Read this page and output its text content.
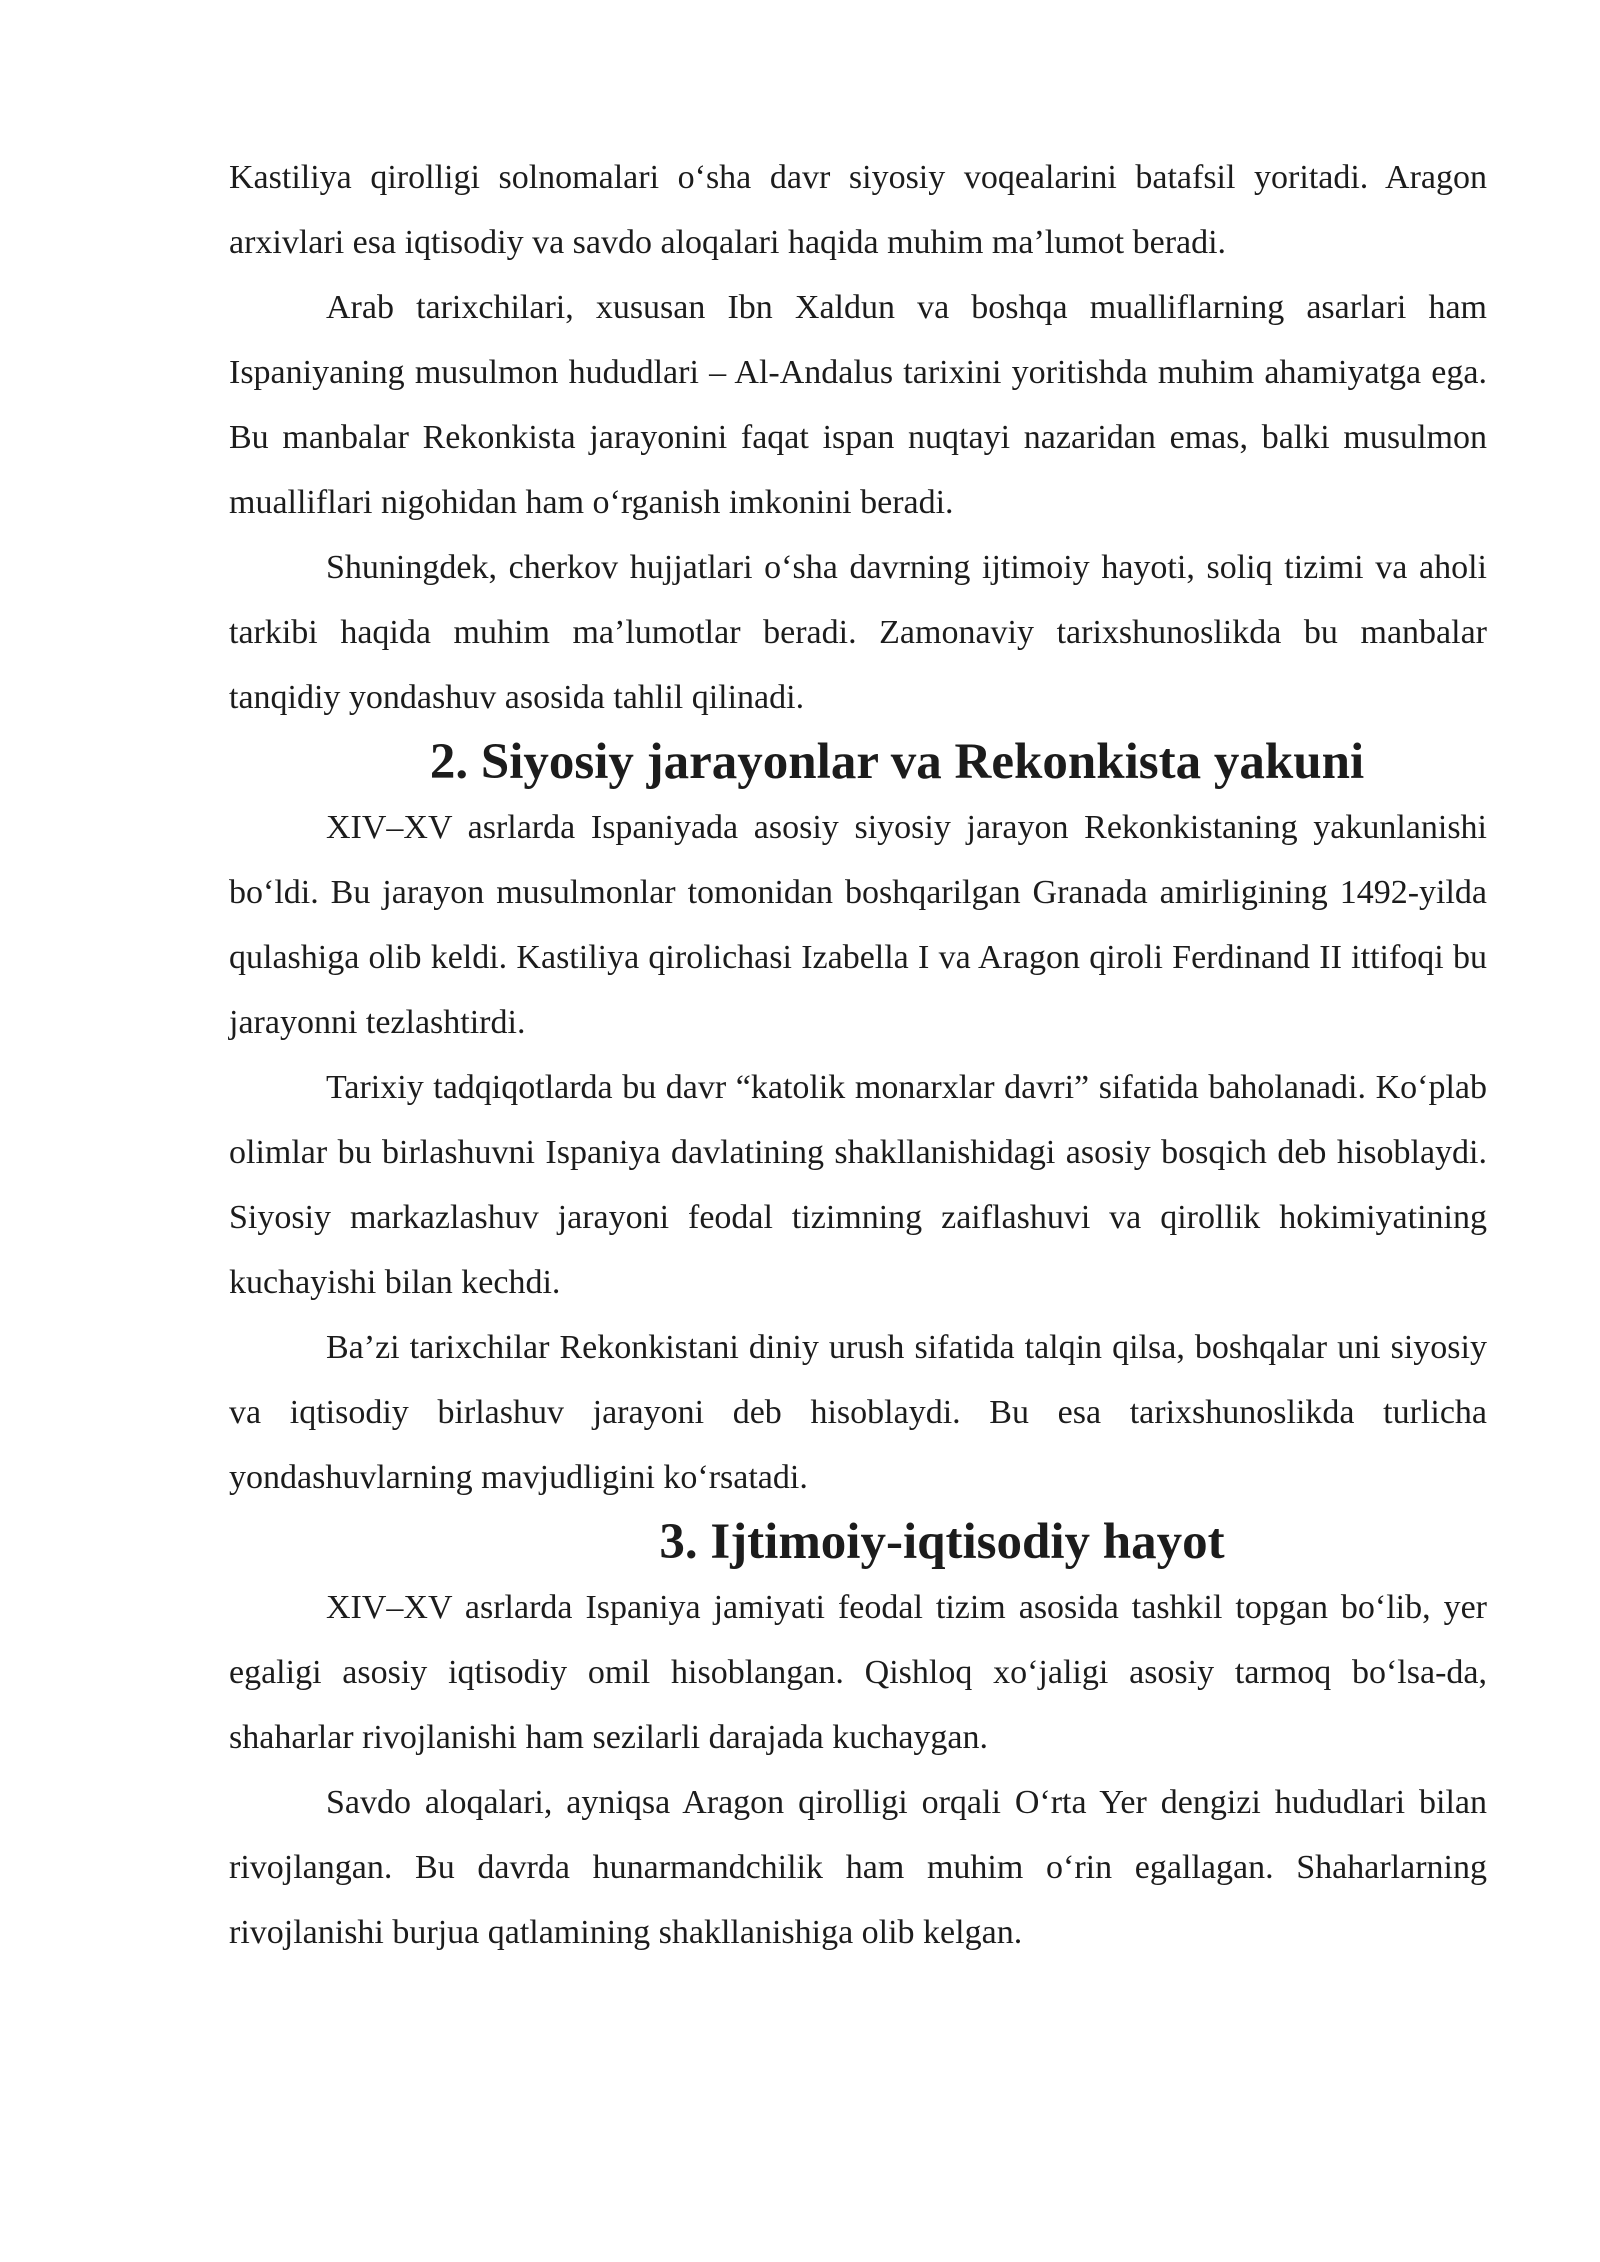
Kastiliya qirolligi solnomalari o‘sha davr siyosiy voqealarini batafsil yoritadi. Aragon arxivlari esa iqtisodiy va savdo aloqalari haqida muhim ma’lumot beradi.

Arab tarixchilari, xususan Ibn Xaldun va boshqa mualliflarning asarlari ham Ispaniyaning musulmon hududlari – Al-Andalus tarixini yoritishda muhim ahamiyatga ega. Bu manbalar Rekonkista jarayonini faqat ispan nuqtayi nazaridan emas, balki musulmon mualliflari nigohidan ham o‘rganish imkonini beradi.

Shuningdek, cherkov hujjatlari o‘sha davrning ijtimoiy hayoti, soliq tizimi va aholi tarkibi haqida muhim ma’lumotlar beradi. Zamonaviy tarixshunoslikda bu manbalar tanqidiy yondashuv asosida tahlil qilinadi.

2. Siyosiy jarayonlar va Rekonkista yakuni

XIV–XV asrlarda Ispaniyada asosiy siyosiy jarayon Rekonkistaning yakunlanishi bo‘ldi. Bu jarayon musulmonlar tomonidan boshqarilgan Granada amirligining 1492-yilda qulashiga olib keldi. Kastiliya qirolichasi Izabella I va Aragon qiroli Ferdinand II ittifoqi bu jarayonni tezlashtirdi.

Tarixiy tadqiqotlarda bu davr “katolik monarxlar davri” sifatida baholanadi. Ko‘plab olimlar bu birlashuvni Ispaniya davlatining shakllanishidagi asosiy bosqich deb hisoblaydi. Siyosiy markazlashuv jarayoni feodal tizimning zaiflashuvi va qirollik hokimiyatining kuchayishi bilan kechdi.

Ba’zi tarixchilar Rekonkistani diniy urush sifatida talqin qilsa, boshqalar uni siyosiy va iqtisodiy birlashuv jarayoni deb hisoblaydi. Bu esa tarixshunoslikda turlicha yondashuvlarning mavjudligini ko‘rsatadi.

3. Ijtimoiy-iqtisodiy hayot

XIV–XV asrlarda Ispaniya jamiyati feodal tizim asosida tashkil topgan bo‘lib, yer egaligi asosiy iqtisodiy omil hisoblangan. Qishloq xo‘jaligi asosiy tarmoq bo‘lsa-da, shaharlar rivojlanishi ham sezilarli darajada kuchaygan.

Savdo aloqalari, ayniqsa Aragon qirolligi orqali O‘rta Yer dengizi hududlari bilan rivojlangan. Bu davrda hunarmandchilik ham muhim o‘rin egallagan. Shaharlarning rivojlanishi burjua qatlamining shakllanishiga olib kelgan.
